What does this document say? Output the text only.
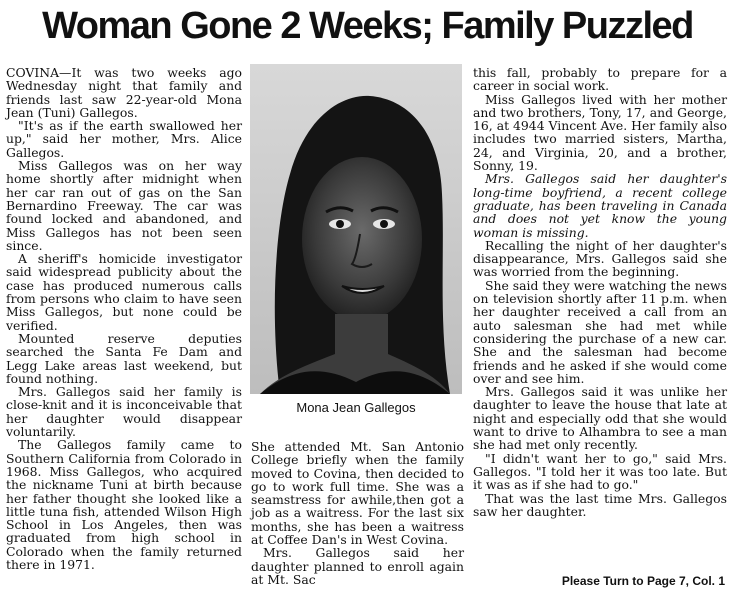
Woman Gone 2 Weeks; Family Puzzled

COVINA—It was two weeks ago Wednesday night that family and friends last saw 22-year-old Mona Jean (Tuni) Gallegos.

"It's as if the earth swallowed her up," said her mother, Mrs. Alice Gallegos.

Miss Gallegos was on her way home shortly after midnight when her car ran out of gas on the San Bernardino Freeway. The car was found locked and abandoned, and Miss Gallegos has not been seen since.

A sheriff's homicide investigator said widespread publicity about the case has produced numerous calls from persons who claim to have seen Miss Gallegos, but none could be verified.

Mounted reserve deputies searched the Santa Fe Dam and Legg Lake areas last weekend, but found nothing.

Mrs. Gallegos said her family is close-knit and it is inconceivable that her daughter would disappear voluntarily.

The Gallegos family came to Southern California from Colorado in 1968. Miss Gallegos, who acquired the nickname Tuni at birth because her father thought she looked like a little tuna fish, attended Wilson High School in Los Angeles, then was graduated from high school in Colorado when the family returned there in 1971.

Mona Jean Gallegos

She attended Mt. San Antonio College briefly when the family moved to Covina, then decided to go to work full time. She was a seamstress for awhile,then got a job as a waitress. For the last six months, she has been a waitress at Coffee Dan's in West Covina.

Mrs. Gallegos said her daughter planned to enroll again at Mt. Sac

this fall, probably to prepare for a career in social work.

Miss Gallegos lived with her mother and two brothers, Tony, 17, and George, 16, at 4944 Vincent Ave. Her family also includes two married sisters, Martha, 24, and Virginia, 20, and a brother, Sonny, 19.

Mrs. Gallegos said her daughter's long-time boyfriend, a recent college graduate, has been traveling in Canada and does not yet know the young woman is missing.

Recalling the night of her daughter's disappearance, Mrs. Gallegos said she was worried from the beginning.

She said they were watching the news on television shortly after 11 p.m. when her daughter received a call from an auto salesman she had met while considering the purchase of a new car. She and the salesman had become friends and he asked if she would come over and see him.

Mrs. Gallegos said it was unlike her daughter to leave the house that late at night and especially odd that she would want to drive to Alhambra to see a man she had met only recently.

"I didn't want her to go," said Mrs. Gallegos. "I told her it was too late. But it was as if she had to go."

That was the last time Mrs. Gallegos saw her daughter.

Please Turn to Page 7, Col. 1
